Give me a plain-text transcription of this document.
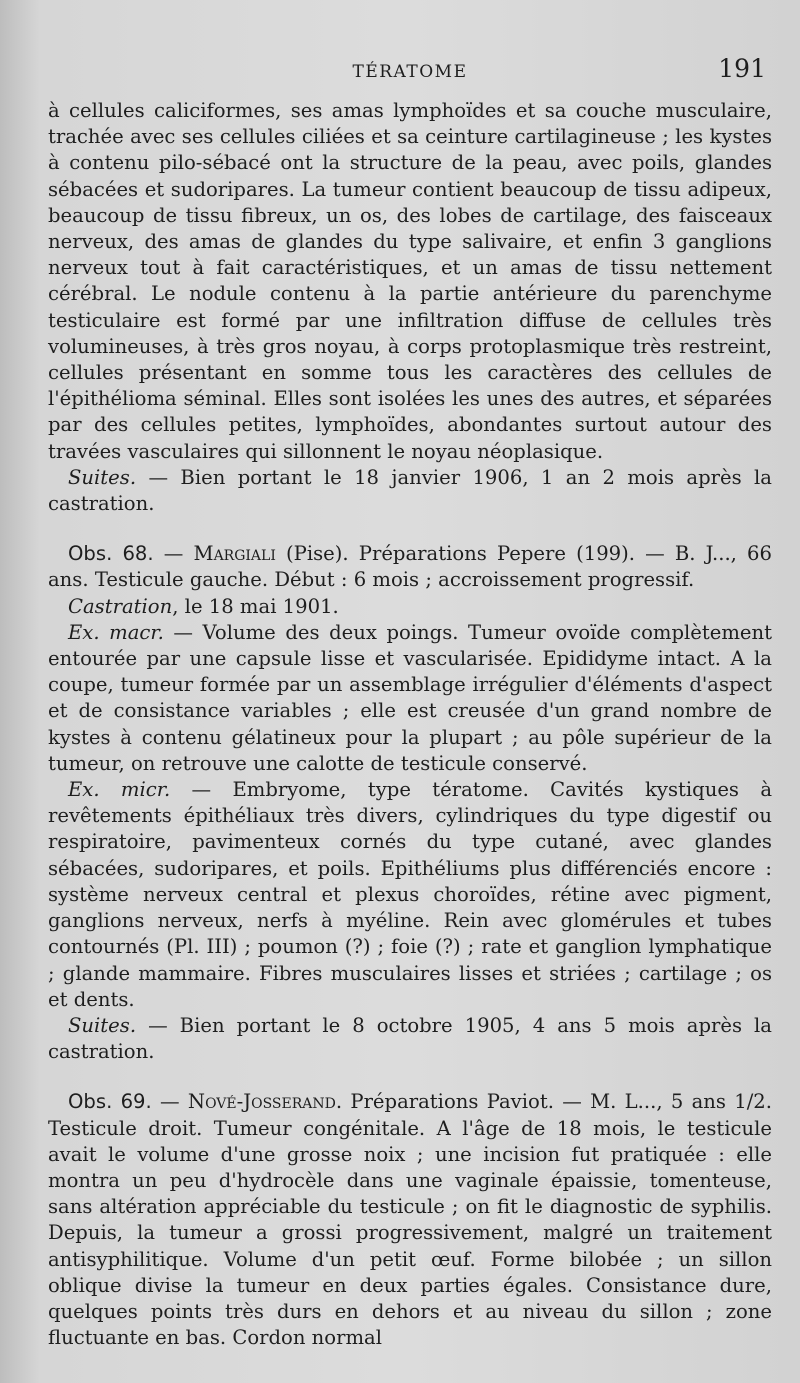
TÉRATOME	191

à cellules caliciformes, ses amas lymphoïdes et sa couche musculaire, trachée avec ses cellules ciliées et sa ceinture cartilagineuse ; les kystes à contenu pilo-sébacé ont la structure de la peau, avec poils, glandes sébacées et sudoripares. La tumeur contient beaucoup de tissu adipeux, beaucoup de tissu fibreux, un os, des lobes de cartilage, des faisceaux nerveux, des amas de glandes du type salivaire, et enfin 3 ganglions nerveux tout à fait caractéristiques, et un amas de tissu nettement cérébral. Le nodule contenu à la partie antérieure du parenchyme testiculaire est formé par une infiltration diffuse de cellules très volumineuses, à très gros noyau, à corps protoplasmique très restreint, cellules présentant en somme tous les caractères des cellules de l'épithélioma séminal. Elles sont isolées les unes des autres, et séparées par des cellules petites, lymphoïdes, abondantes surtout autour des travées vasculaires qui sillonnent le noyau néoplasique.

Suites. — Bien portant le 18 janvier 1906, 1 an 2 mois après la castration.

Obs. 68. — Margiali (Pise). Préparations Pepere (199). — B. J..., 66 ans. Testicule gauche. Début : 6 mois ; accroissement progressif.

Castration, le 18 mai 1901.

Ex. macr. — Volume des deux poings. Tumeur ovoïde complètement entourée par une capsule lisse et vascularisée. Epididyme intact. A la coupe, tumeur formée par un assemblage irrégulier d'éléments d'aspect et de consistance variables ; elle est creusée d'un grand nombre de kystes à contenu gélatineux pour la plupart ; au pôle supérieur de la tumeur, on retrouve une calotte de testicule conservé.

Ex. micr. — Embryome, type tératome. Cavités kystiques à revêtements épithéliaux très divers, cylindriques du type digestif ou respiratoire, pavimenteux cornés du type cutané, avec glandes sébacées, sudoripares, et poils. Epithéliums plus différenciés encore : système nerveux central et plexus choroïdes, rétine avec pigment, ganglions nerveux, nerfs à myéline. Rein avec glomérules et tubes contournés (Pl. III) ; poumon (?) ; foie (?) ; rate et ganglion lymphatique ; glande mammaire. Fibres musculaires lisses et striées ; cartilage ; os et dents.

Suites. — Bien portant le 8 octobre 1905, 4 ans 5 mois après la castration.

Obs. 69. — Nové-Josserand. Préparations Paviot. — M. L..., 5 ans 1/2. Testicule droit. Tumeur congénitale. A l'âge de 18 mois, le testicule avait le volume d'une grosse noix ; une incision fut pratiquée : elle montra un peu d'hydrocèle dans une vaginale épaissie, tomenteuse, sans altération appréciable du testicule ; on fit le diagnostic de syphilis. Depuis, la tumeur a grossi progressivement, malgré un traitement antisyphilitique. Volume d'un petit œuf. Forme bilobée ; un sillon oblique divise la tumeur en deux parties égales. Consistance dure, quelques points très durs en dehors et au niveau du sillon ; zone fluctuante en bas. Cordon normal
